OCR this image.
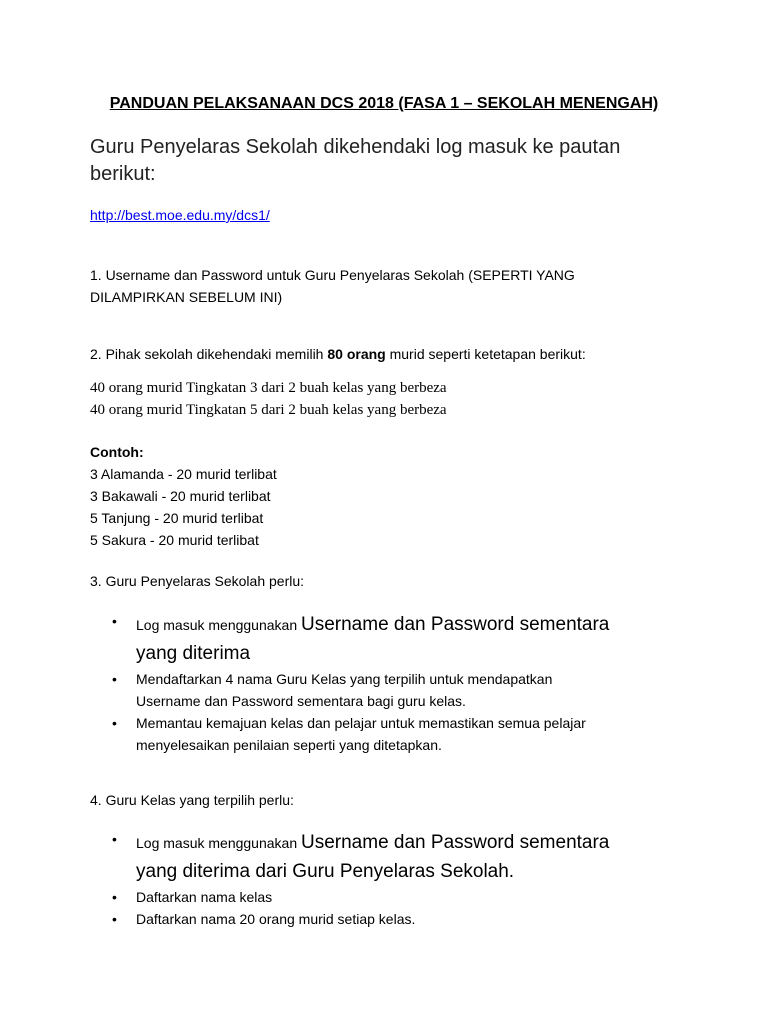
PANDUAN PELAKSANAAN DCS 2018 (FASA 1 – SEKOLAH MENENGAH)
Guru Penyelaras Sekolah dikehendaki log masuk ke pautan berikut:
http://best.moe.edu.my/dcs1/
1. Username dan Password untuk Guru Penyelaras Sekolah (SEPERTI YANG
DILAMPIRKAN SEBELUM INI)
2. Pihak sekolah dikehendaki memilih 80 orang murid seperti ketetapan berikut:
40 orang murid Tingkatan 3 dari 2 buah kelas yang berbeza
40 orang murid Tingkatan 5 dari 2 buah kelas yang berbeza
Contoh:
3 Alamanda - 20 murid terlibat
3 Bakawali - 20 murid terlibat
5 Tanjung - 20 murid terlibat
5 Sakura - 20 murid terlibat
3. Guru Penyelaras Sekolah perlu:
• Log masuk menggunakan Username dan Password sementara
yang diterima
• Mendaftarkan 4 nama Guru Kelas yang terpilih untuk mendapatkan
Username dan Password sementara bagi guru kelas.
• Memantau kemajuan kelas dan pelajar untuk memastikan semua pelajar
menyelesaikan penilaian seperti yang ditetapkan.
4. Guru Kelas yang terpilih perlu:
• Log masuk menggunakan Username dan Password sementara
yang diterima dari Guru Penyelaras Sekolah.
• Daftarkan nama kelas
• Daftarkan nama 20 orang murid setiap kelas.
